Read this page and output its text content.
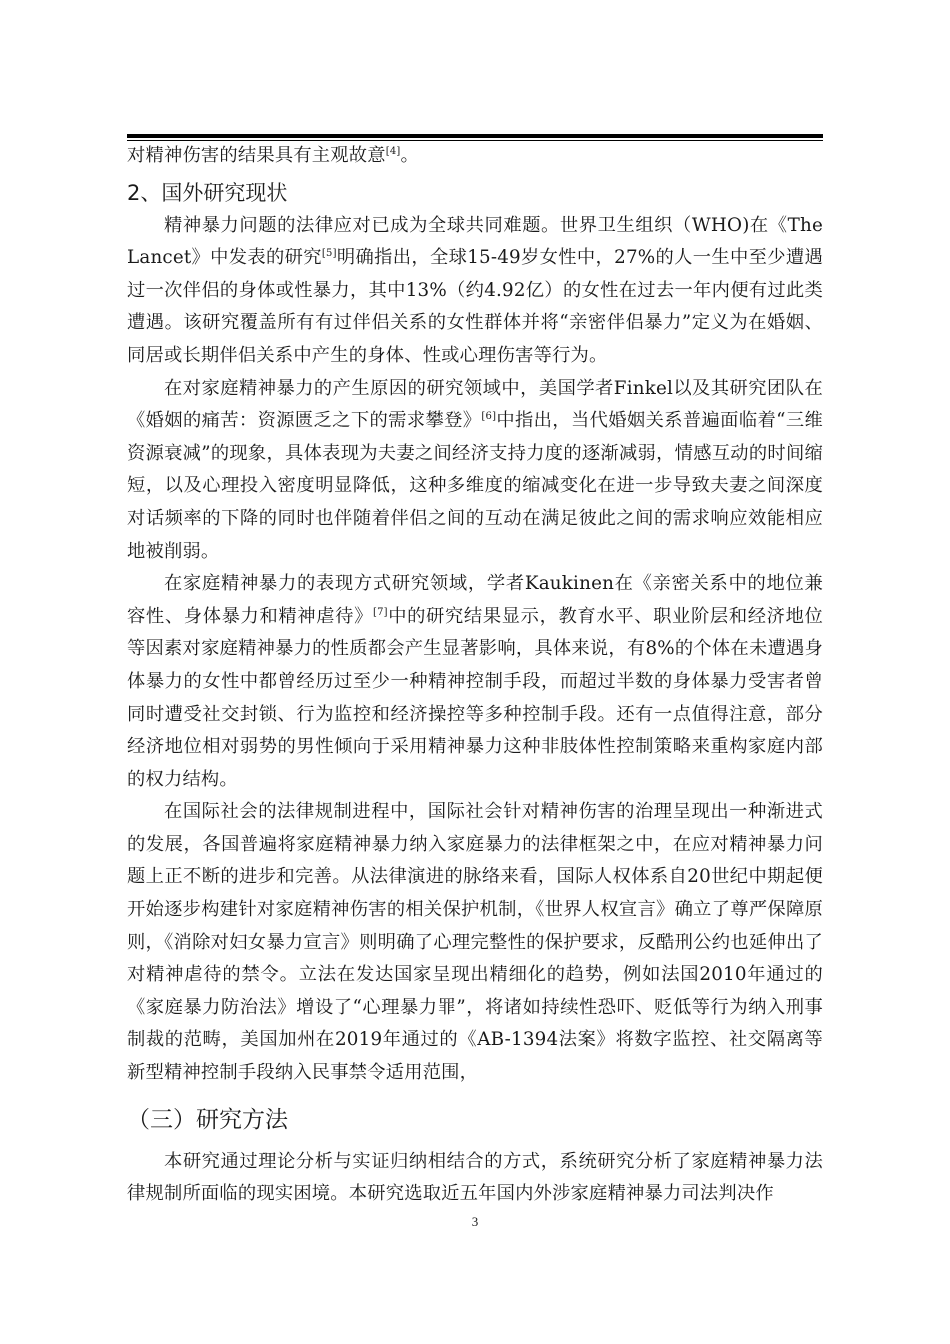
对精神伤害的结果具有主观故意[4]。

2、国外研究现状

精神暴力问题的法律应对已成为全球共同难题。世界卫生组织（WHO)在《The Lancet》中发表的研究[5]明确指出，全球15-49岁女性中，27%的人一生中至少遭遇过一次伴侣的身体或性暴力，其中13%（约4.92亿）的女性在过去一年内便有过此类遭遇。该研究覆盖所有有过伴侣关系的女性群体并将“亲密伴侣暴力”定义为在婚姻、同居或长期伴侣关系中产生的身体、性或心理伤害等行为。

在对家庭精神暴力的产生原因的研究领域中，美国学者Finkel以及其研究团队在《婚姻的痛苦：资源匮乏之下的需求攀登》[6]中指出，当代婚姻关系普遍面临着“三维资源衰减”的现象，具体表现为夫妻之间经济支持力度的逐渐减弱，情感互动的时间缩短，以及心理投入密度明显降低，这种多维度的缩减变化在进一步导致夫妻之间深度对话频率的下降的同时也伴随着伴侣之间的互动在满足彼此之间的需求响应效能相应地被削弱。

在家庭精神暴力的表现方式研究领域，学者Kaukinen在《亲密关系中的地位兼容性、身体暴力和精神虐待》[7]中的研究结果显示，教育水平、职业阶层和经济地位等因素对家庭精神暴力的性质都会产生显著影响，具体来说，有8%的个体在未遭遇身体暴力的女性中都曾经历过至少一种精神控制手段，而超过半数的身体暴力受害者曾同时遭受社交封锁、行为监控和经济操控等多种控制手段。还有一点值得注意，部分经济地位相对弱势的男性倾向于采用精神暴力这种非肢体性控制策略来重构家庭内部的权力结构。

在国际社会的法律规制进程中，国际社会针对精神伤害的治理呈现出一种渐进式的发展，各国普遍将家庭精神暴力纳入家庭暴力的法律框架之中，在应对精神暴力问题上正不断的进步和完善。从法律演进的脉络来看，国际人权体系自20世纪中期起便开始逐步构建针对家庭精神伤害的相关保护机制，《世界人权宣言》确立了尊严保障原则，《消除对妇女暴力宣言》则明确了心理完整性的保护要求，反酷刑公约也延伸出了对精神虐待的禁令。立法在发达国家呈现出精细化的趋势，例如法国2010年通过的《家庭暴力防治法》增设了“心理暴力罪”，将诸如持续性恐吓、贬低等行为纳入刑事制裁的范畴，美国加州在2019年通过的《AB-1394法案》将数字监控、社交隔离等新型精神控制手段纳入民事禁令适用范围，

（三）研究方法

本研究通过理论分析与实证归纳相结合的方式，系统研究分析了家庭精神暴力法律规制所面临的现实困境。本研究选取近五年国内外涉家庭精神暴力司法判决作

3
